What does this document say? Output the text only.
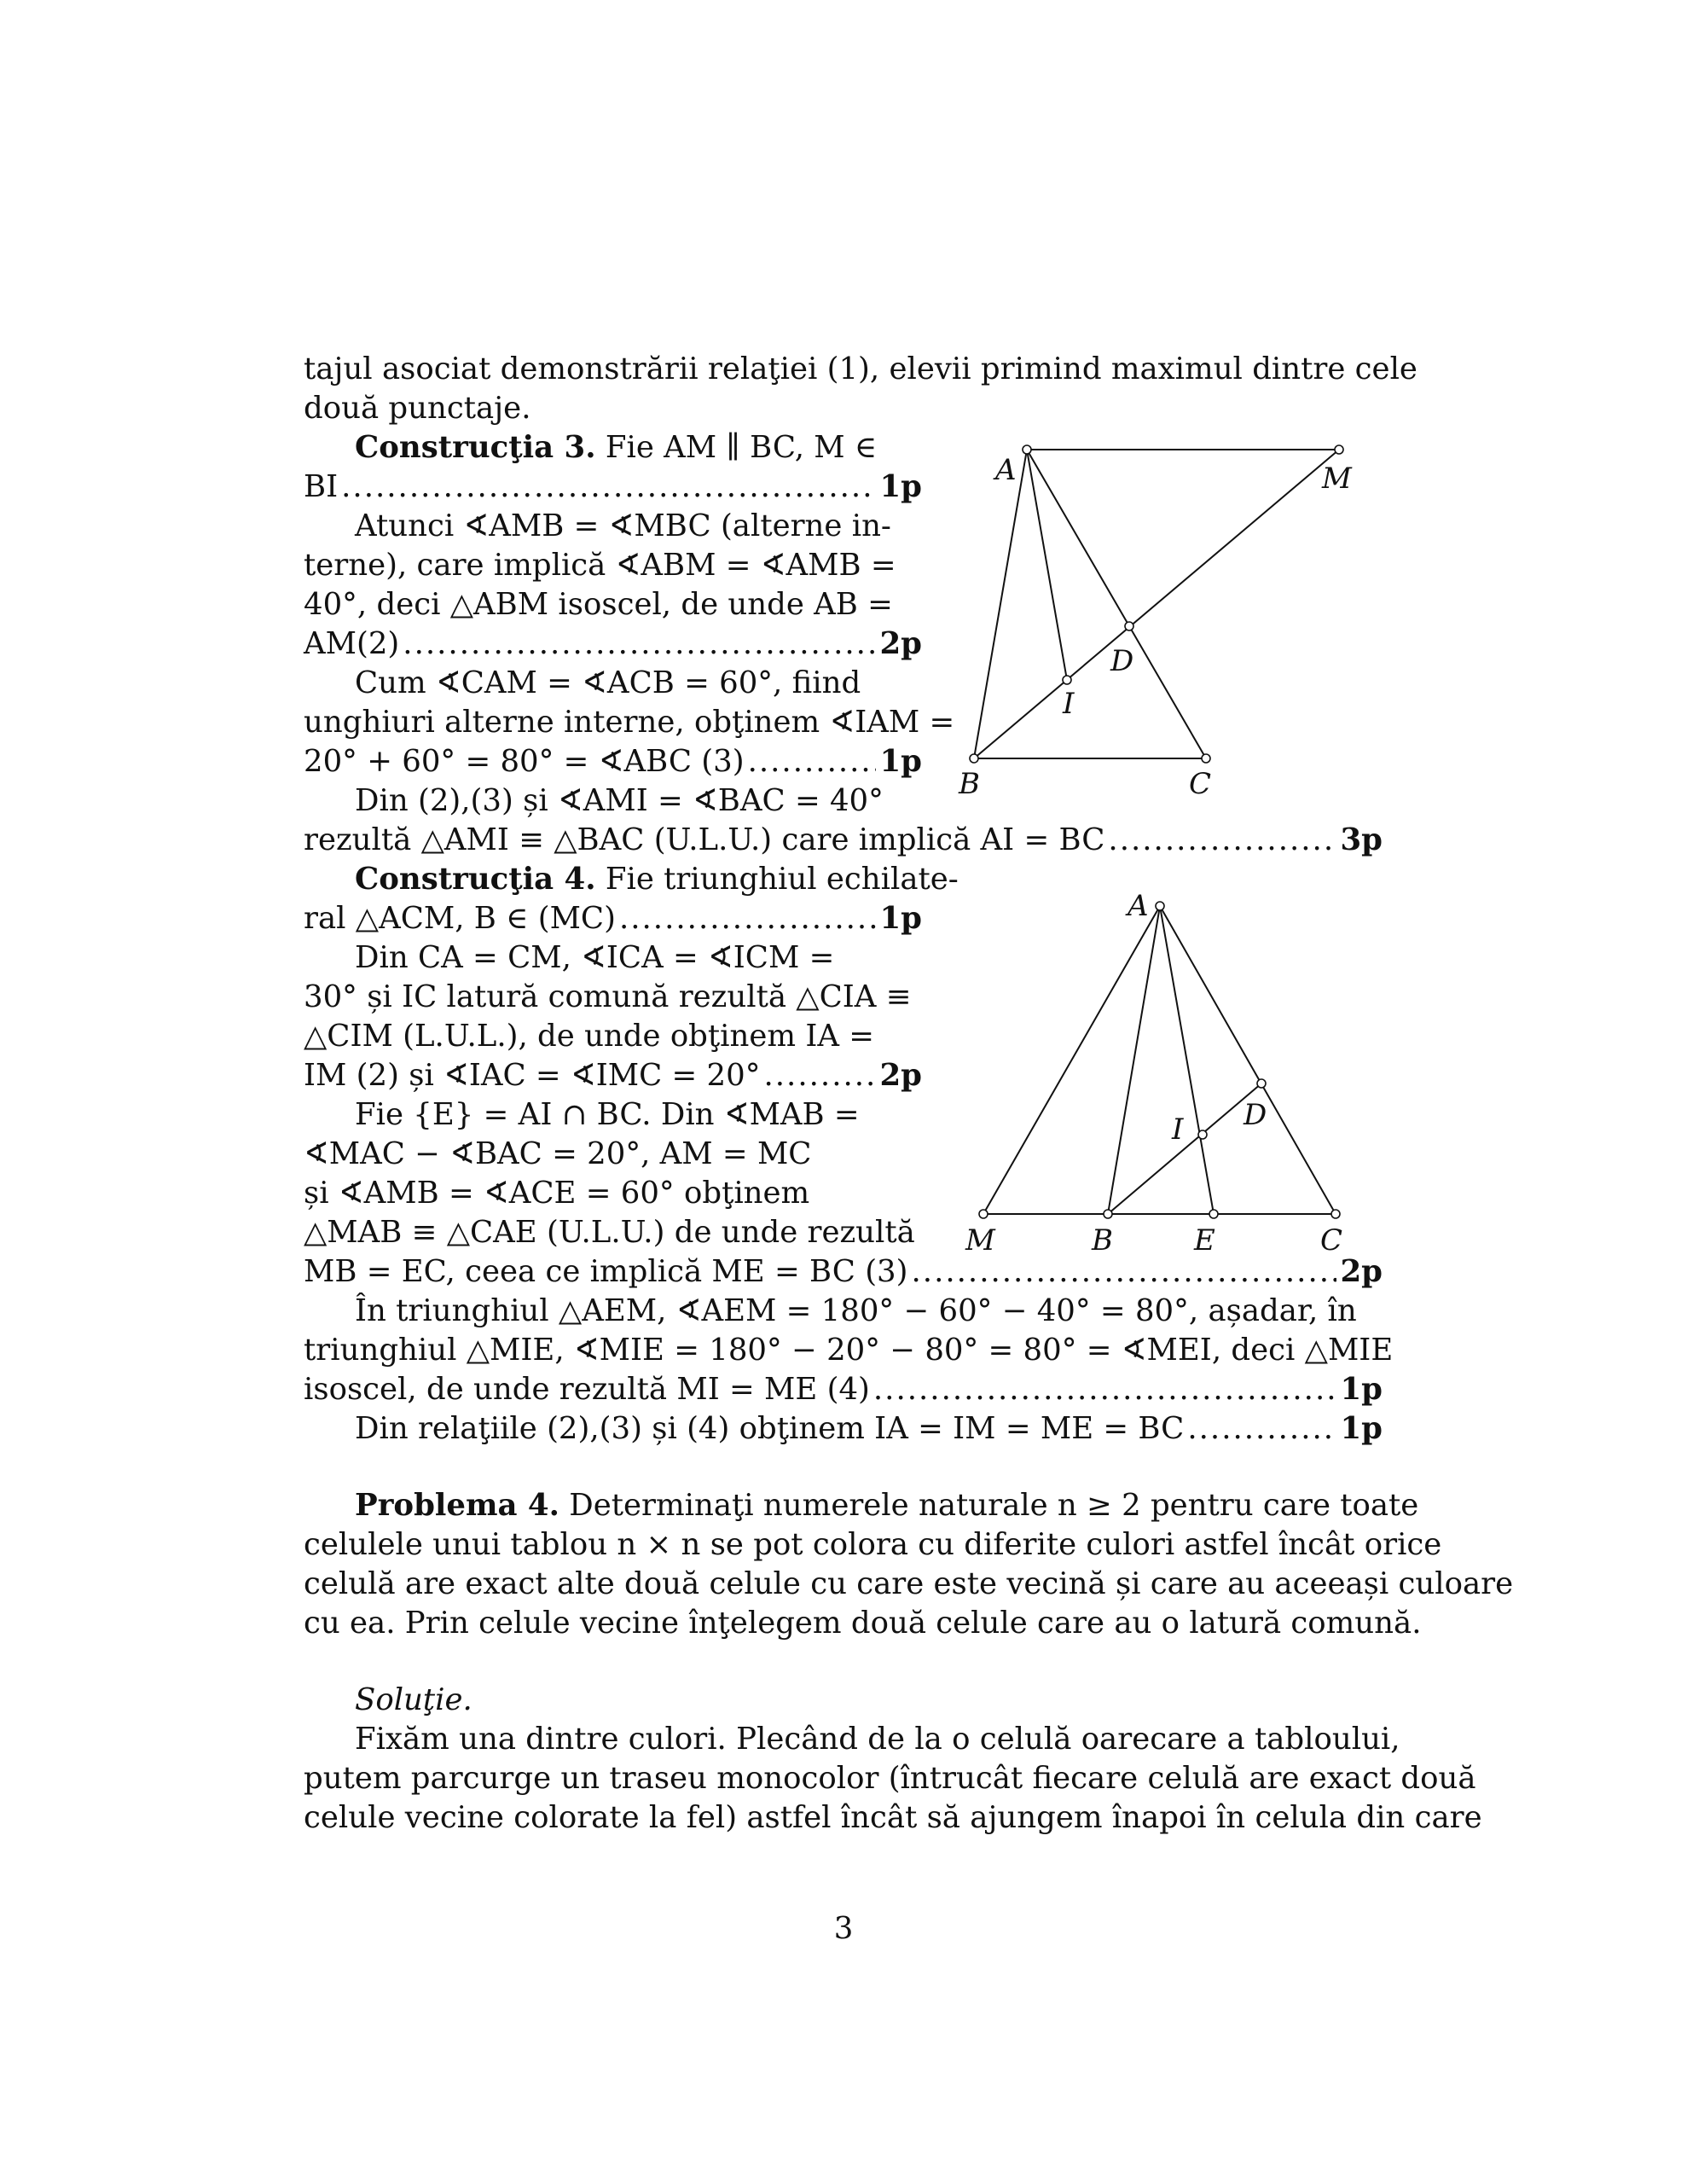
tajul asociat demonstrării relaţiei (1), elevii primind maximul dintre cele
două punctaje.
Construcţia 3. Fie AM ∥ BC, M ∈
BI .....	1p
Atunci ∢AMB = ∢MBC (alterne in-
terne), care implică ∢ABM = ∢AMB =
40°, deci △ABM isoscel, de unde AB =
AM(2) .....	2p
Cum ∢CAM = ∢ACB = 60°, fiind
unghiuri alterne interne, obţinem ∢IAM =
20° + 60° = 80° = ∢ABC (3) .....	1p
Din (2),(3) și ∢AMI = ∢BAC = 40°
rezultă △AMI ≡ △BAC (U.L.U.) care implică AI = BC .....	3p
A	M
D
I
B	C
Construcţia 4. Fie triunghiul echilate-
ral △ACM, B ∈ (MC) .....	1p
Din CA = CM, ∢ICA = ∢ICM =
30° și IC latură comună rezultă △CIA ≡
△CIM (L.U.L.), de unde obţinem IA =
IM (2) și ∢IAC = ∢IMC = 20° .....	2p
Fie {E} = AI ∩ BC. Din ∢MAB =
∢MAC − ∢BAC = 20°, AM = MC
și ∢AMB = ∢ACE = 60° obţinem
△MAB ≡ △CAE (U.L.U.) de unde rezultă
MB = EC, ceea ce implică ME = BC (3) .....	2p
În triunghiul △AEM, ∢AEM = 180° − 60° − 40° = 80°, așadar, în
triunghiul △MIE, ∢MIE = 180° − 20° − 80° = 80° = ∢MEI, deci △MIE
isoscel, de unde rezultă MI = ME (4) .....	1p
Din relaţiile (2),(3) și (4) obţinem IA = IM = ME = BC .....	1p
A
D
I
M	B	E	C
Problema 4. Determinaţi numerele naturale n ≥ 2 pentru care toate
celulele unui tablou n × n se pot colora cu diferite culori astfel încât orice
celulă are exact alte două celule cu care este vecină și care au aceeași culoare
cu ea. Prin celule vecine înţelegem două celule care au o latură comună.
Soluţie.
Fixăm una dintre culori. Plecând de la o celulă oarecare a tabloului,
putem parcurge un traseu monocolor (întrucât fiecare celulă are exact două
celule vecine colorate la fel) astfel încât să ajungem înapoi în celula din care
3
